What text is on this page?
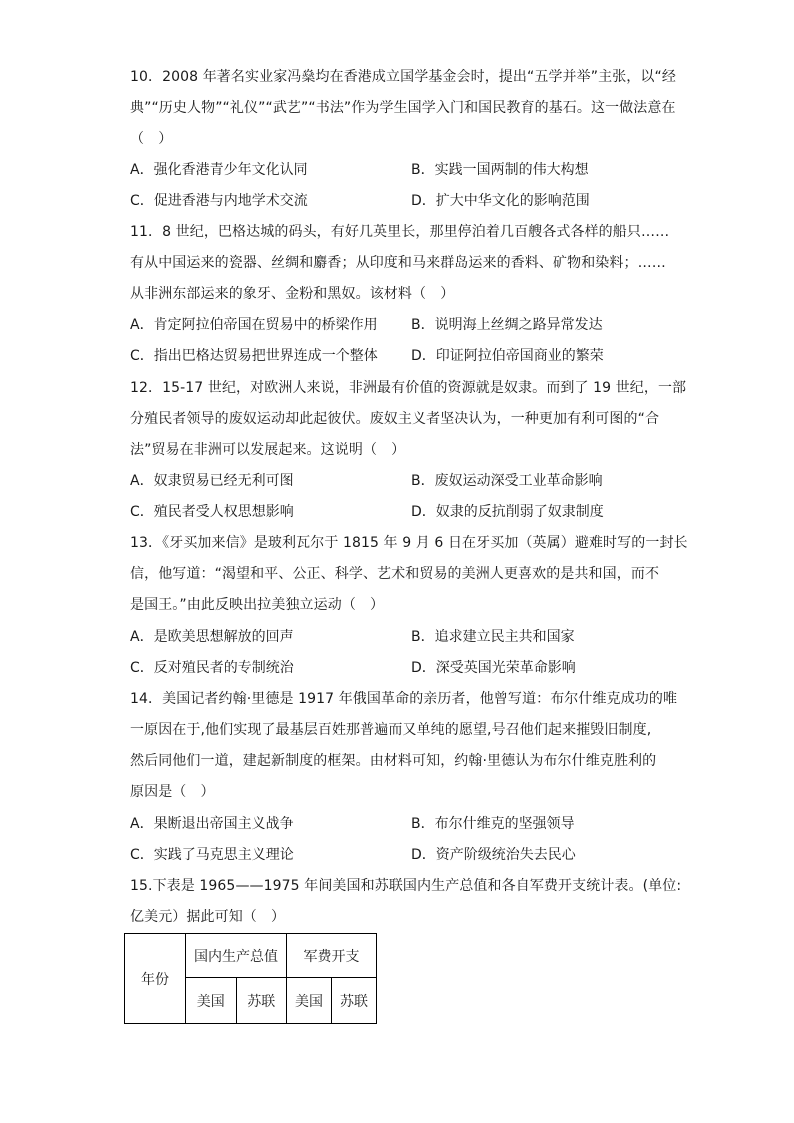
10．2008 年著名实业家冯燊均在香港成立国学基金会时，提出“五学并举”主张，以“经
典”“历史人物”“礼仪”“武艺”“书法”作为学生国学入门和国民教育的基石。这一做法意在
（　）
A．强化香港青少年文化认同	B．实践一国两制的伟大构想
C．促进香港与内地学术交流	D．扩大中华文化的影响范围
11．8 世纪，巴格达城的码头，有好几英里长，那里停泊着几百艘各式各样的船只……
有从中国运来的瓷器、丝绸和麝香；从印度和马来群岛运来的香料、矿物和染料；……
从非洲东部运来的象牙、金粉和黑奴。该材料（　）
A．肯定阿拉伯帝国在贸易中的桥梁作用 B．说明海上丝绸之路异常发达
C．指出巴格达贸易把世界连成一个整体 D．印证阿拉伯帝国商业的繁荣
12．15-17 世纪，对欧洲人来说，非洲最有价值的资源就是奴隶。而到了 19 世纪，一部
分殖民者领导的废奴运动却此起彼伏。废奴主义者坚决认为，一种更加有利可图的“合
法”贸易在非洲可以发展起来。这说明（　）
A．奴隶贸易已经无利可图	B．废奴运动深受工业革命影响
C．殖民者受人权思想影响	D．奴隶的反抗削弱了奴隶制度
13．《牙买加来信》是玻利瓦尔于 1815 年 9 月 6 日在牙买加（英属）避难时写的一封长
信，他写道：“渴望和平、公正、科学、艺术和贸易的美洲人更喜欢的是共和国，而不
是国王。”由此反映出拉美独立运动（　）
A．是欧美思想解放的回声	B．追求建立民主共和国家
C．反对殖民者的专制统治	D．深受英国光荣革命影响
14．美国记者约翰·里德是 1917 年俄国革命的亲历者，他曾写道：布尔什维克成功的唯
一原因在于,他们实现了最基层百姓那普遍而又单纯的愿望,号召他们起来摧毁旧制度,
然后同他们一道，建起新制度的框架。由材料可知，约翰·里德认为布尔什维克胜利的
原因是（　）
A．果断退出帝国主义战争	B．布尔什维克的坚强领导
C．实践了马克思主义理论	D．资产阶级统治失去民心
15.下表是 1965——1975 年间美国和苏联国内生产总值和各自军费开支统计表。(单位:
亿美元）据此可知（　）
年份	国内生产总值		军费开支	
	美国	苏联	美国	苏联
